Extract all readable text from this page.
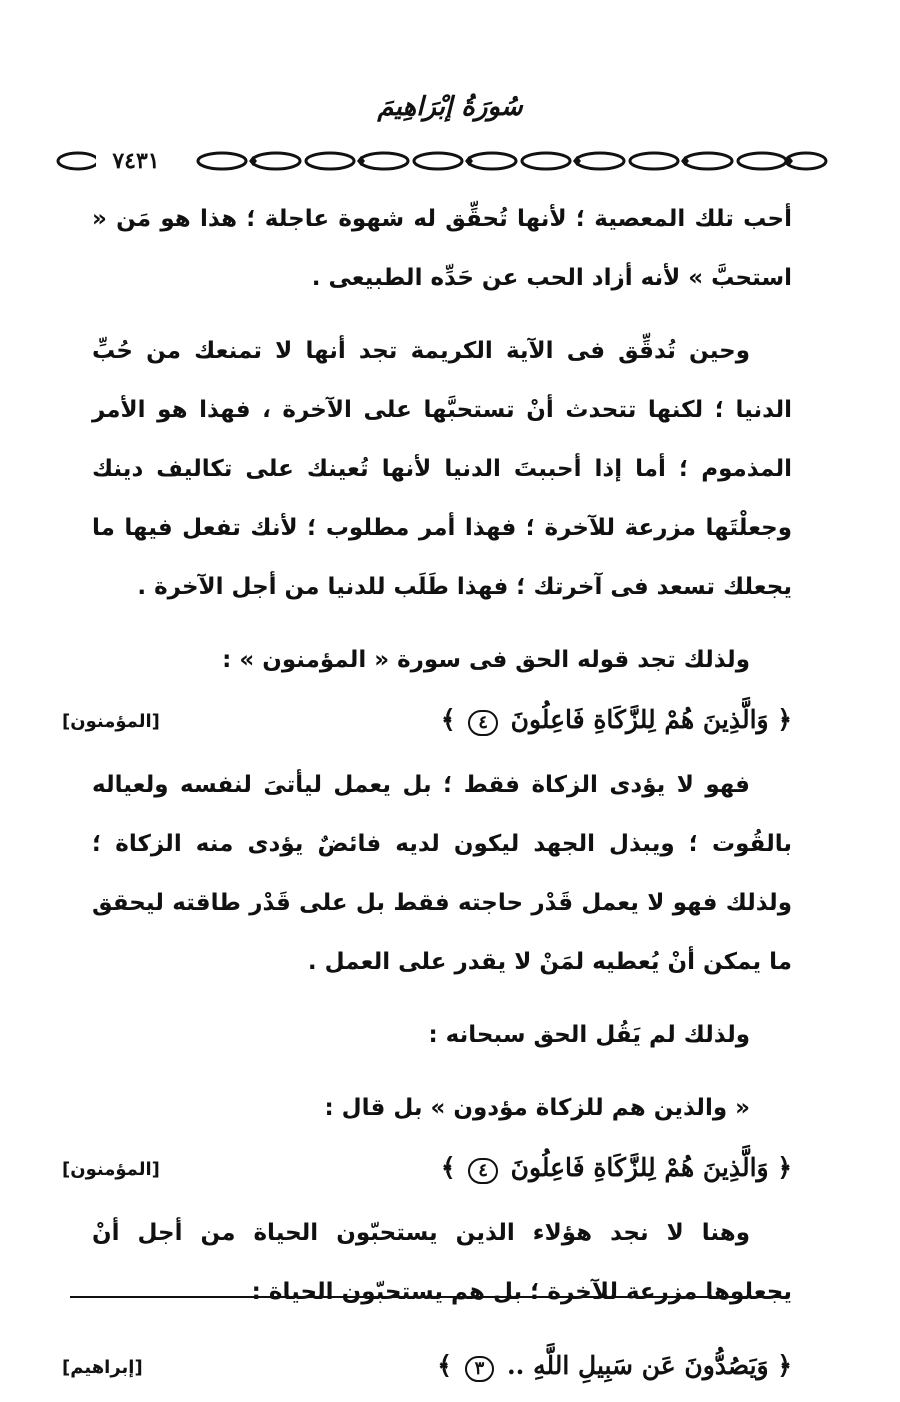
سُورَةُ إبْرَاهِيمَ
٧٤٣١

أحب تلك المعصية ؛ لأنها تُحقِّق له شهوة عاجلة ؛ هذا هو مَن « استحبَّ » لأنه أزاد الحب عن حَدِّه الطبيعى .

وحين تُدقِّق فى الآية الكريمة تجد أنها لا تمنعك من حُبِّ الدنيا ؛ لكنها تتحدث أنْ تستحبَّها على الآخرة ، فهذا هو الأمر المذموم ؛ أما إذا أحببتَ الدنيا لأنها تُعينك على تكاليف دينك وجعلْتَها مزرعة للآخرة ؛ فهذا أمر مطلوب ؛ لأنك تفعل فيها ما يجعلك تسعد فى آخرتك ؛ فهذا طَلَب للدنيا من أجل الآخرة .

ولذلك تجد قوله الحق فى سورة « المؤمنون » :

﴿ وَالَّذِينَ هُمْ لِلزَّكَاةِ فَاعِلُونَ ٤ ﴾
[المؤمنون]

فهو لا يؤدى الزكاة فقط ؛ بل يعمل ليأتىَ لنفسه ولعياله بالقُوت ؛ ويبذل الجهد ليكون لديه فائضٌ يؤدى منه الزكاة ؛ ولذلك فهو لا يعمل قَدْر حاجته فقط بل على قَدْر طاقته ليحقق ما يمكن أنْ يُعطيه لمَنْ لا يقدر على العمل .

ولذلك لم يَقُل الحق سبحانه :

« والذين هم للزكاة مؤدون » بل قال :

﴿ وَالَّذِينَ هُمْ لِلزَّكَاةِ فَاعِلُونَ ٤ ﴾
[المؤمنون]

وهنا لا نجد هؤلاء الذين يستحبّون الحياة من أجل أنْ يجعلوها مزرعة للآخرة ؛ بل هم يستحبّون الحياة :

﴿ وَيَصُدُّونَ عَن سَبِيلِ اللَّهِ .. ٣ ﴾
[إبراهيم]
